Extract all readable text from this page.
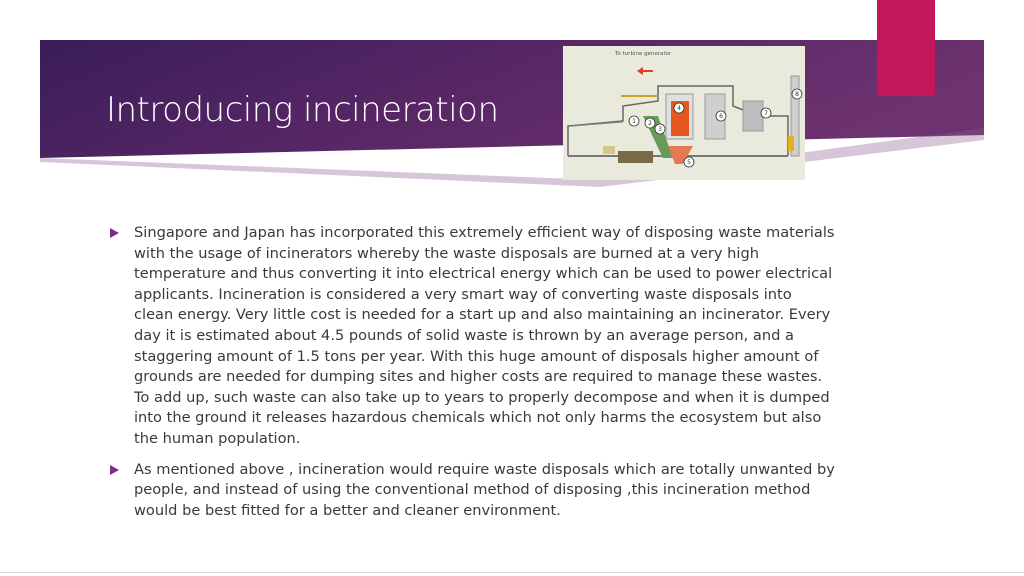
Introducing incineration
To turbine generator
1 2
3
4
5
6	7
8

Singapore and Japan has incorporated this extremely efficient way of disposing waste materials with the usage of incinerators whereby the waste disposals are burned at a very high temperature and thus converting it into electrical energy which can be used to power electrical applicants. Incineration is considered a very smart way of converting waste disposals into clean energy. Very little cost is needed for a start up and also maintaining an incinerator. Every day it is estimated about 4.5 pounds of solid waste is thrown by an average person, and a staggering amount of 1.5 tons per year. With this huge amount of disposals higher amount of grounds are needed for dumping sites and higher costs are required to manage these wastes. To add up, such waste can also take up to years to properly decompose and when it is dumped into the ground it releases hazardous chemicals which not only harms the ecosystem but also the human population.

As mentioned above , incineration would require waste disposals which are totally unwanted by people, and instead of using the conventional method of disposing ,this incineration method would be best fitted for a better and cleaner environment.
